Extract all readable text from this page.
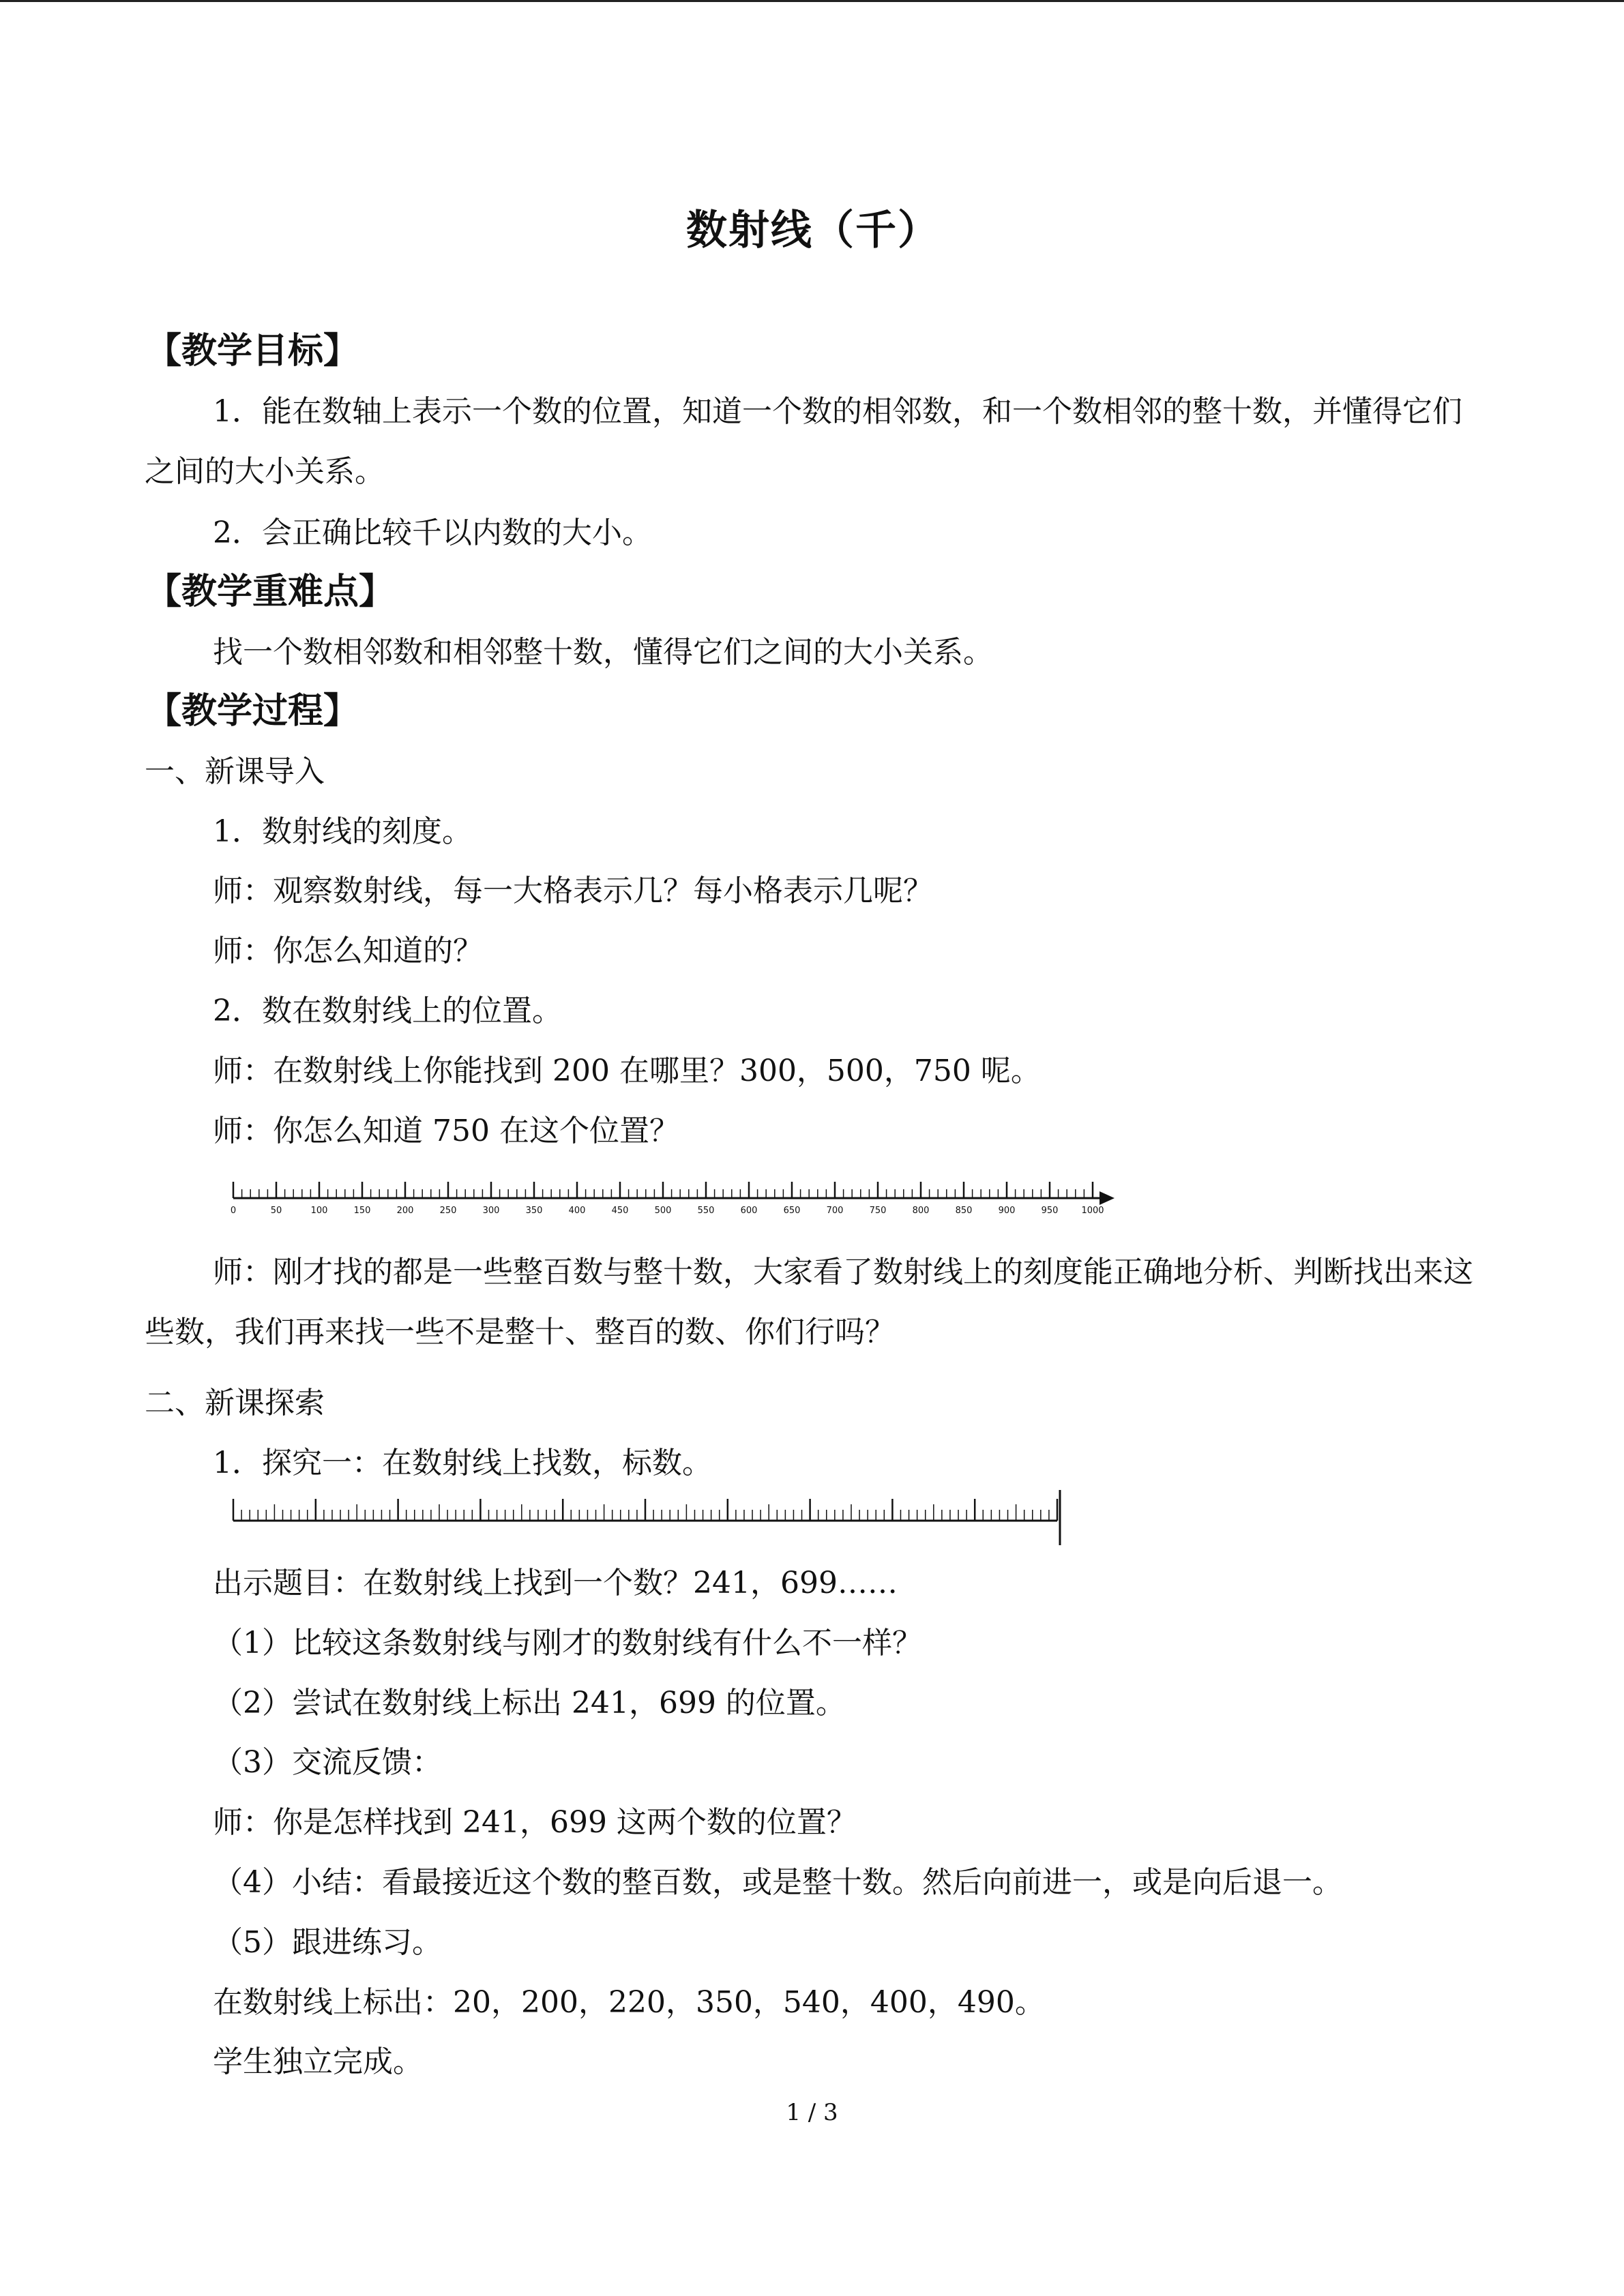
数射线（千）
【教学目标】
1．能在数轴上表示一个数的位置，知道一个数的相邻数，和一个数相邻的整十数，并懂得它们之间的大小关系。
2．会正确比较千以内数的大小。
【教学重难点】
找一个数相邻数和相邻整十数，懂得它们之间的大小关系。
【教学过程】
一、新课导入
1．数射线的刻度。
师：观察数射线，每一大格表示几？每小格表示几呢？
师：你怎么知道的？
2．数在数射线上的位置。
师：在数射线上你能找到 200 在哪里？300，500，750 呢。
师：你怎么知道 750 在这个位置？
0	50	100	150	200	250	300	350	400	450	500	550	600	650	700	750	800	850	900	950	1000
师：刚才找的都是一些整百数与整十数，大家看了数射线上的刻度能正确地分析、判断找出来这些数，我们再来找一些不是整十、整百的数、你们行吗？
二、新课探索
1．探究一：在数射线上找数，标数。
出示题目：在数射线上找到一个数？241，699……
（1）比较这条数射线与刚才的数射线有什么不一样？
（2）尝试在数射线上标出 241，699 的位置。
（3）交流反馈：
师：你是怎样找到 241，699 这两个数的位置？
（4）小结：看最接近这个数的整百数，或是整十数。然后向前进一，或是向后退一。
（5）跟进练习。
在数射线上标出：20，200，220，350，540，400，490。
学生独立完成。
1 / 3
